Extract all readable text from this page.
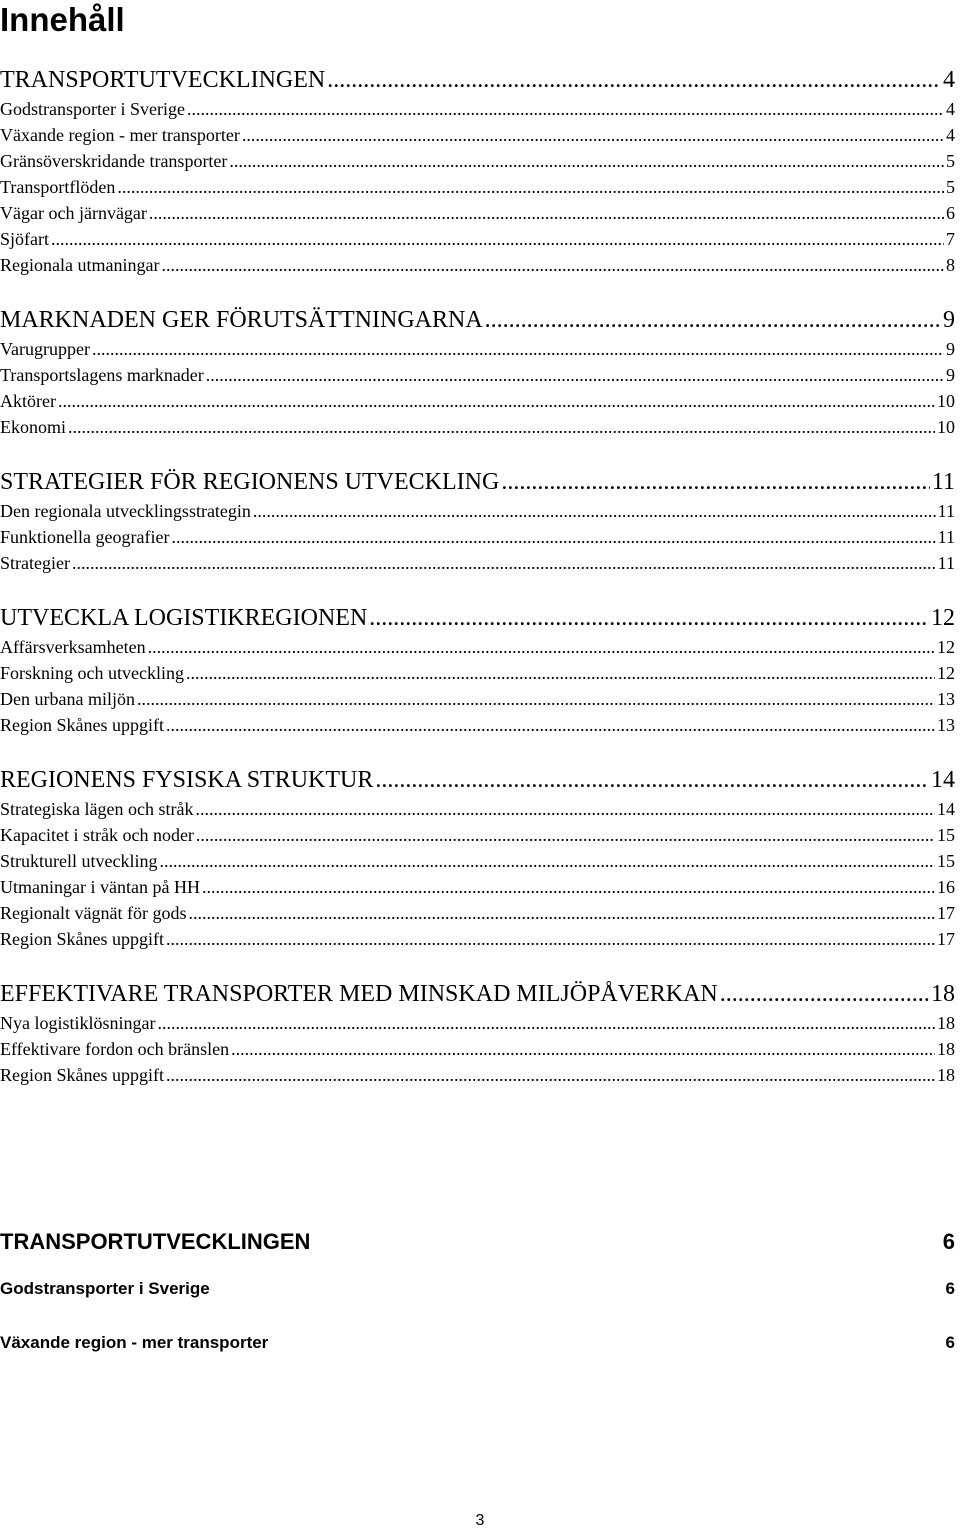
Innehåll
TRANSPORTUTVECKLINGEN .....	4
Godstransporter i Sverige .....	4
Växande region - mer transporter .....	4
Gränsöverskridande transporter .....	5
Transportflöden .....	5
Vägar och järnvägar .....	6
Sjöfart .....	7
Regionala utmaningar .....	8
MARKNADEN GER FÖRUTSÄTTNINGARNA .....	9
Varugrupper .....	9
Transportslagens marknader .....	9
Aktörer .....	10
Ekonomi .....	10
STRATEGIER FÖR REGIONENS UTVECKLING .....	11
Den regionala utvecklingsstrategin .....	11
Funktionella geografier .....	11
Strategier .....	11
UTVECKLA LOGISTIKREGIONEN .....	12
Affärsverksamheten .....	12
Forskning och utveckling .....	12
Den urbana miljön .....	13
Region Skånes uppgift .....	13
REGIONENS FYSISKA STRUKTUR .....	14
Strategiska lägen och stråk .....	14
Kapacitet i stråk och noder .....	15
Strukturell utveckling .....	15
Utmaningar i väntan på HH .....	16
Regionalt vägnät för gods .....	17
Region Skånes uppgift .....	17
EFFEKTIVARE TRANSPORTER MED MINSKAD MILJÖPÅVERKAN .....	18
Nya logistiklösningar .....	18
Effektivare fordon och bränslen .....	18
Region Skånes uppgift .....	18
TRANSPORTUTVECKLINGEN	6
Godstransporter i Sverige	6
Växande region - mer transporter	6
3
